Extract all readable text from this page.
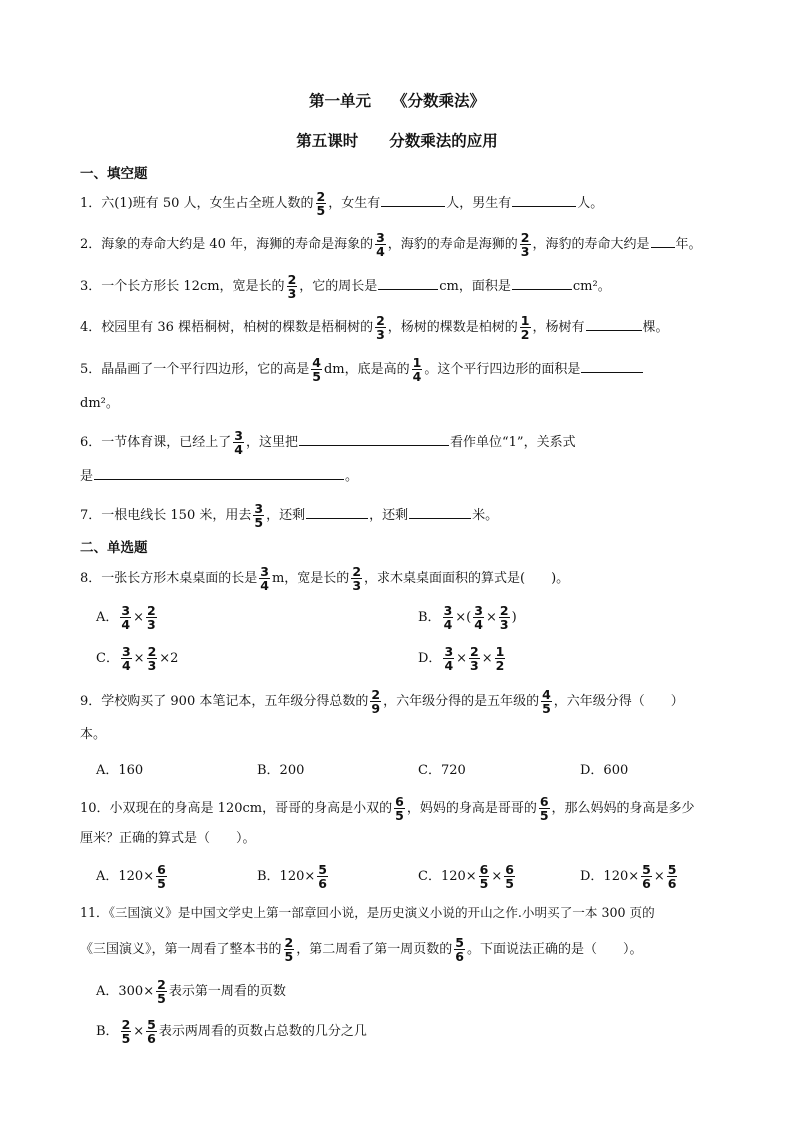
第一单元　 《分数乘法》
第五课时　　分数乘法的应用
一、填空题
1．六(1)班有 50 人，女生占全班人数的 $\frac{2}{5}$ ，女生有	人，男生有	人。
2．海象的寿命大约是 40 年，海狮的寿命是海象的 $\frac{3}{4}$ ，海豹的寿命是海狮的 $\frac{2}{3}$ ，海豹的寿命大约是 年。
3．一个长方形长 12cm，宽是长的 $\frac{2}{3}$ ，它的周长是	cm，面积是	cm²。
4．校园里有 36 棵梧桐树，柏树的棵数是梧桐树的 $\frac{2}{3}$ ，杨树的棵数是柏树的 $\frac{1}{2}$ ，杨树有	棵。
5．晶晶画了一个平行四边形，它的高是 $\frac{4}{5}$ dm，底是高的 $\frac{1}{4}$ 。这个平行四边形的面积是
dm²。
6．一节体育课，已经上了 $\frac{3}{4}$ ，这里把	看作单位“1”，关系式
是	。
7．一根电线长 150 米，用去 $\frac{3}{5}$ ，还剩	，还剩	米。
二、单选题
8．一张长方形木桌桌面的长是 $\frac{3}{4}$ m，宽是长的 $\frac{2}{3}$ ，求木桌桌面面积的算式是(　　)。
A． $\frac{3}{4} \times \frac{2}{3}$	B． $\frac{3}{4}$ ×( $\frac{3}{4} \times \frac{2}{3}$ )
C． $\frac{3}{4} \times \frac{2}{3} \times 2$	D． $\frac{3}{4} \times \frac{2}{3} \times \frac{1}{2}$
9．学校购买了 900 本笔记本，五年级分得总数的 $\frac{2}{9}$ ，六年级分得的是五年级的 $\frac{4}{5}$ ，六年级分得（　　）
本。
A．160	B．200	C．720	D．600
10．小双现在的身高是 120cm，哥哥的身高是小双的 $\frac{6}{5}$ ，妈妈的身高是哥哥的 $\frac{6}{5}$ ，那么妈妈的身高是多少
厘米？正确的算式是（　　）。
A．$120\times \frac{6}{5}$	B．$120\times \frac{5}{6}$	C．$120\times \frac{6}{5} \times \frac{6}{5}$	D．$120\times \frac{5}{6} \times \frac{5}{6}$
11．《三国演义》是中国文学史上第一部章回小说，是历史演义小说的开山之作.小明买了一本 300 页的
《三国演义》，第一周看了整本书的 $\frac{2}{5}$ ，第二周看了第一周页数的 $\frac{5}{6}$ 。下面说法正确的是（　　）。
A．$300\times \frac{2}{5}$ 表示第一周看的页数
B． $\frac{2}{5} \times \frac{5}{6}$ 表示两周看的页数占总数的几分之几
